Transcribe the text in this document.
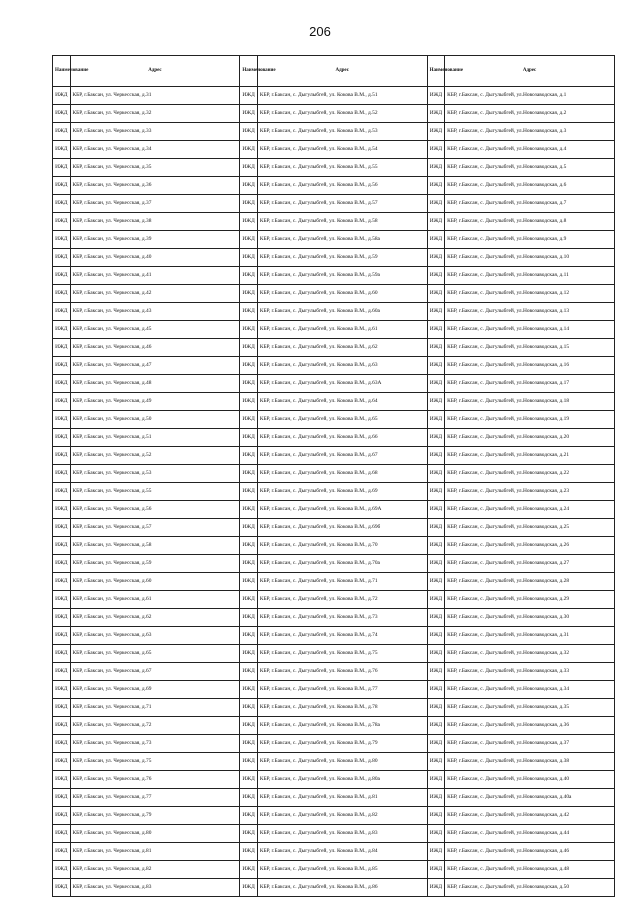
206
Наименование	Адрес	Наименование	Адрес	Наименование	Адрес
ИЖД	КБР, г.Баксан, ул. Черкесская, д.31	ИЖД	КБР, г.Баксан, с. Дыгулыбгей, ул. Кокова В.М., д.51	ИЖД	КБР, г.Баксан, с. Дыгулыбгей, ул.Новозаводская, д.1
ИЖД	КБР, г.Баксан, ул. Черкесская, д.32	ИЖД	КБР, г.Баксан, с. Дыгулыбгей, ул. Кокова В.М., д.52	ИЖД	КБР, г.Баксан, с. Дыгулыбгей, ул.Новозаводская, д.2
ИЖД	КБР, г.Баксан, ул. Черкесская, д.33	ИЖД	КБР, г.Баксан, с. Дыгулыбгей, ул. Кокова В.М., д.53	ИЖД	КБР, г.Баксан, с. Дыгулыбгей, ул.Новозаводская, д.3
ИЖД	КБР, г.Баксан, ул. Черкесская, д.34	ИЖД	КБР, г.Баксан, с. Дыгулыбгей, ул. Кокова В.М., д.54	ИЖД	КБР, г.Баксан, с. Дыгулыбгей, ул.Новозаводская, д.4
ИЖД	КБР, г.Баксан, ул. Черкесская, д.35	ИЖД	КБР, г.Баксан, с. Дыгулыбгей, ул. Кокова В.М., д.55	ИЖД	КБР, г.Баксан, с. Дыгулыбгей, ул.Новозаводская, д.5
ИЖД	КБР, г.Баксан, ул. Черкесская, д.36	ИЖД	КБР, г.Баксан, с. Дыгулыбгей, ул. Кокова В.М., д.56	ИЖД	КБР, г.Баксан, с. Дыгулыбгей, ул.Новозаводская, д.6
ИЖД	КБР, г.Баксан, ул. Черкесская, д.37	ИЖД	КБР, г.Баксан, с. Дыгулыбгей, ул. Кокова В.М., д.57	ИЖД	КБР, г.Баксан, с. Дыгулыбгей, ул.Новозаводская, д.7
ИЖД	КБР, г.Баксан, ул. Черкесская, д.38	ИЖД	КБР, г.Баксан, с. Дыгулыбгей, ул. Кокова В.М., д.58	ИЖД	КБР, г.Баксан, с. Дыгулыбгей, ул.Новозаводская, д.8
ИЖД	КБР, г.Баксан, ул. Черкесская, д.39	ИЖД	КБР, г.Баксан, с. Дыгулыбгей, ул. Кокова В.М., д.58а	ИЖД	КБР, г.Баксан, с. Дыгулыбгей, ул.Новозаводская, д.9
ИЖД	КБР, г.Баксан, ул. Черкесская, д.40	ИЖД	КБР, г.Баксан, с. Дыгулыбгей, ул. Кокова В.М., д.59	ИЖД	КБР, г.Баксан, с. Дыгулыбгей, ул.Новозаводская, д.10
ИЖД	КБР, г.Баксан, ул. Черкесская, д.41	ИЖД	КБР, г.Баксан, с. Дыгулыбгей, ул. Кокова В.М., д.59а	ИЖД	КБР, г.Баксан, с. Дыгулыбгей, ул.Новозаводская, д.11
ИЖД	КБР, г.Баксан, ул. Черкесская, д.42	ИЖД	КБР, г.Баксан, с. Дыгулыбгей, ул. Кокова В.М., д.60	ИЖД	КБР, г.Баксан, с. Дыгулыбгей, ул.Новозаводская, д.12
ИЖД	КБР, г.Баксан, ул. Черкесская, д.43	ИЖД	КБР, г.Баксан, с. Дыгулыбгей, ул. Кокова В.М., д.60а	ИЖД	КБР, г.Баксан, с. Дыгулыбгей, ул.Новозаводская, д.13
ИЖД	КБР, г.Баксан, ул. Черкесская, д.45	ИЖД	КБР, г.Баксан, с. Дыгулыбгей, ул. Кокова В.М., д.61	ИЖД	КБР, г.Баксан, с. Дыгулыбгей, ул.Новозаводская, д.14
ИЖД	КБР, г.Баксан, ул. Черкесская, д.46	ИЖД	КБР, г.Баксан, с. Дыгулыбгей, ул. Кокова В.М., д.62	ИЖД	КБР, г.Баксан, с. Дыгулыбгей, ул.Новозаводская, д.15
ИЖД	КБР, г.Баксан, ул. Черкесская, д.47	ИЖД	КБР, г.Баксан, с. Дыгулыбгей, ул. Кокова В.М., д.63	ИЖД	КБР, г.Баксан, с. Дыгулыбгей, ул.Новозаводская, д.16
ИЖД	КБР, г.Баксан, ул. Черкесская, д.48	ИЖД	КБР, г.Баксан, с. Дыгулыбгей, ул. Кокова В.М., д.63А	ИЖД	КБР, г.Баксан, с. Дыгулыбгей, ул.Новозаводская, д.17
ИЖД	КБР, г.Баксан, ул. Черкесская, д.49	ИЖД	КБР, г.Баксан, с. Дыгулыбгей, ул. Кокова В.М., д.64	ИЖД	КБР, г.Баксан, с. Дыгулыбгей, ул.Новозаводская, д.18
ИЖД	КБР, г.Баксан, ул. Черкесская, д.50	ИЖД	КБР, г.Баксан, с. Дыгулыбгей, ул. Кокова В.М., д.65	ИЖД	КБР, г.Баксан, с. Дыгулыбгей, ул.Новозаводская, д.19
ИЖД	КБР, г.Баксан, ул. Черкесская, д.51	ИЖД	КБР, г.Баксан, с. Дыгулыбгей, ул. Кокова В.М., д.66	ИЖД	КБР, г.Баксан, с. Дыгулыбгей, ул.Новозаводская, д.20
ИЖД	КБР, г.Баксан, ул. Черкесская, д.52	ИЖД	КБР, г.Баксан, с. Дыгулыбгей, ул. Кокова В.М., д.67	ИЖД	КБР, г.Баксан, с. Дыгулыбгей, ул.Новозаводская, д.21
ИЖД	КБР, г.Баксан, ул. Черкесская, д.53	ИЖД	КБР, г.Баксан, с. Дыгулыбгей, ул. Кокова В.М., д.68	ИЖД	КБР, г.Баксан, с. Дыгулыбгей, ул.Новозаводская, д.22
ИЖД	КБР, г.Баксан, ул. Черкесская, д.55	ИЖД	КБР, г.Баксан, с. Дыгулыбгей, ул. Кокова В.М., д.69	ИЖД	КБР, г.Баксан, с. Дыгулыбгей, ул.Новозаводская, д.23
ИЖД	КБР, г.Баксан, ул. Черкесская, д.56	ИЖД	КБР, г.Баксан, с. Дыгулыбгей, ул. Кокова В.М., д.69А	ИЖД	КБР, г.Баксан, с. Дыгулыбгей, ул.Новозаводская, д.24
ИЖД	КБР, г.Баксан, ул. Черкесская, д.57	ИЖД	КБР, г.Баксан, с. Дыгулыбгей, ул. Кокова В.М., д.69б	ИЖД	КБР, г.Баксан, с. Дыгулыбгей, ул.Новозаводская, д.25
ИЖД	КБР, г.Баксан, ул. Черкесская, д.58	ИЖД	КБР, г.Баксан, с. Дыгулыбгей, ул. Кокова В.М., д.70	ИЖД	КБР, г.Баксан, с. Дыгулыбгей, ул.Новозаводская, д.26
ИЖД	КБР, г.Баксан, ул. Черкесская, д.59	ИЖД	КБР, г.Баксан, с. Дыгулыбгей, ул. Кокова В.М., д.70а	ИЖД	КБР, г.Баксан, с. Дыгулыбгей, ул.Новозаводская, д.27
ИЖД	КБР, г.Баксан, ул. Черкесская, д.60	ИЖД	КБР, г.Баксан, с. Дыгулыбгей, ул. Кокова В.М., д.71	ИЖД	КБР, г.Баксан, с. Дыгулыбгей, ул.Новозаводская, д.28
ИЖД	КБР, г.Баксан, ул. Черкесская, д.61	ИЖД	КБР, г.Баксан, с. Дыгулыбгей, ул. Кокова В.М., д.72	ИЖД	КБР, г.Баксан, с. Дыгулыбгей, ул.Новозаводская, д.29
ИЖД	КБР, г.Баксан, ул. Черкесская, д.62	ИЖД	КБР, г.Баксан, с. Дыгулыбгей, ул. Кокова В.М., д.73	ИЖД	КБР, г.Баксан, с. Дыгулыбгей, ул.Новозаводская, д.30
ИЖД	КБР, г.Баксан, ул. Черкесская, д.63	ИЖД	КБР, г.Баксан, с. Дыгулыбгей, ул. Кокова В.М., д.74	ИЖД	КБР, г.Баксан, с. Дыгулыбгей, ул.Новозаводская, д.31
ИЖД	КБР, г.Баксан, ул. Черкесская, д.65	ИЖД	КБР, г.Баксан, с. Дыгулыбгей, ул. Кокова В.М., д.75	ИЖД	КБР, г.Баксан, с. Дыгулыбгей, ул.Новозаводская, д.32
ИЖД	КБР, г.Баксан, ул. Черкесская, д.67	ИЖД	КБР, г.Баксан, с. Дыгулыбгей, ул. Кокова В.М., д.76	ИЖД	КБР, г.Баксан, с. Дыгулыбгей, ул.Новозаводская, д.33
ИЖД	КБР, г.Баксан, ул. Черкесская, д.69	ИЖД	КБР, г.Баксан, с. Дыгулыбгей, ул. Кокова В.М., д.77	ИЖД	КБР, г.Баксан, с. Дыгулыбгей, ул.Новозаводская, д.34
ИЖД	КБР, г.Баксан, ул. Черкесская, д.71	ИЖД	КБР, г.Баксан, с. Дыгулыбгей, ул. Кокова В.М., д.78	ИЖД	КБР, г.Баксан, с. Дыгулыбгей, ул.Новозаводская, д.35
ИЖД	КБР, г.Баксан, ул. Черкесская, д.72	ИЖД	КБР, г.Баксан, с. Дыгулыбгей, ул. Кокова В.М., д.78а	ИЖД	КБР, г.Баксан, с. Дыгулыбгей, ул.Новозаводская, д.36
ИЖД	КБР, г.Баксан, ул. Черкесская, д.73	ИЖД	КБР, г.Баксан, с. Дыгулыбгей, ул. Кокова В.М., д.79	ИЖД	КБР, г.Баксан, с. Дыгулыбгей, ул.Новозаводская, д.37
ИЖД	КБР, г.Баксан, ул. Черкесская, д.75	ИЖД	КБР, г.Баксан, с. Дыгулыбгей, ул. Кокова В.М., д.80	ИЖД	КБР, г.Баксан, с. Дыгулыбгей, ул.Новозаводская, д.38
ИЖД	КБР, г.Баксан, ул. Черкесская, д.76	ИЖД	КБР, г.Баксан, с. Дыгулыбгей, ул. Кокова В.М., д.80а	ИЖД	КБР, г.Баксан, с. Дыгулыбгей, ул.Новозаводская, д.40
ИЖД	КБР, г.Баксан, ул. Черкесская, д.77	ИЖД	КБР, г.Баксан, с. Дыгулыбгей, ул. Кокова В.М., д.81	ИЖД	КБР, г.Баксан, с. Дыгулыбгей, ул.Новозаводская, д.40а
ИЖД	КБР, г.Баксан, ул. Черкесская, д.79	ИЖД	КБР, г.Баксан, с. Дыгулыбгей, ул. Кокова В.М., д.82	ИЖД	КБР, г.Баксан, с. Дыгулыбгей, ул.Новозаводская, д.42
ИЖД	КБР, г.Баксан, ул. Черкесская, д.80	ИЖД	КБР, г.Баксан, с. Дыгулыбгей, ул. Кокова В.М., д.83	ИЖД	КБР, г.Баксан, с. Дыгулыбгей, ул.Новозаводская, д.44
ИЖД	КБР, г.Баксан, ул. Черкесская, д.81	ИЖД	КБР, г.Баксан, с. Дыгулыбгей, ул. Кокова В.М., д.84	ИЖД	КБР, г.Баксан, с. Дыгулыбгей, ул.Новозаводская, д.46
ИЖД	КБР, г.Баксан, ул. Черкесская, д.82	ИЖД	КБР, г.Баксан, с. Дыгулыбгей, ул. Кокова В.М., д.85	ИЖД	КБР, г.Баксан, с. Дыгулыбгей, ул.Новозаводская, д.48
ИЖД	КБР, г.Баксан, ул. Черкесская, д.83	ИЖД	КБР, г.Баксан, с. Дыгулыбгей, ул. Кокова В.М., д.86	ИЖД	КБР, г.Баксан, с. Дыгулыбгей, ул.Новозаводская, д.50
